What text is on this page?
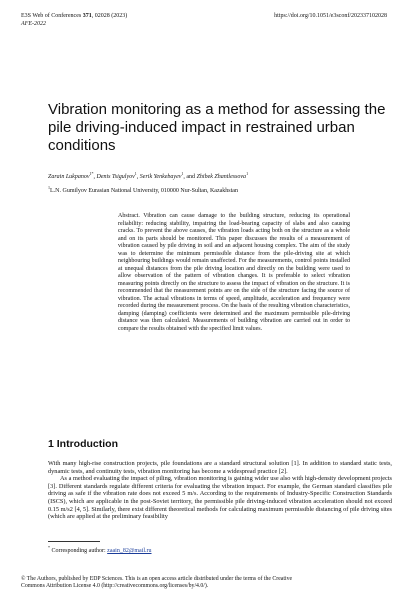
E3S Web of Conferences 371, 02028 (2023)
AFE-2022
https://doi.org/10.1051/e3sconf/202337102028
Vibration monitoring as a method for assessing the pile driving-induced impact in restrained urban conditions
Zarain Lukpanov$^{1*}$, Denis Tsigulyov$^1$, Serik Yenkebayev$^1$, and Zhibek Zhantlessova$^1$
$^1$L.N. Gumilyov Eurasian National University, 010000 Nur-Sultan, Kazakhstan
Abstract. Vibration can cause damage to the building structure, reducing its operational reliability: reducing stability, impairing the load-bearing capacity of slabs and also causing cracks. To prevent the above causes, the vibration loads acting both on the structure as a whole and on its parts should be monitored. This paper discusses the results of a measurement of vibration caused by pile driving in soil and an adjacent housing complex. The aim of the study was to determine the minimum permissible distance from the pile-driving site at which neighbouring buildings would remain unaffected. For the measurements, control points installed at unequal distances from the pile driving location and directly on the building were used to allow observation of the pattern of vibration changes. It is preferable to select vibration measuring points directly on the structure to assess the impact of vibration on the structure. It is recommended that the measurement points are on the side of the structure facing the source of vibration. The actual vibrations in terms of speed, amplitude, acceleration and frequency were recorded during the measurement process. On the basis of the resulting vibration characteristics, damping (damping) coefficients were determined and the maximum permissible pile-driving distance was then calculated. Measurements of building vibration are carried out in order to compare the results obtained with the specified limit values.
1 Introduction

With many high-rise construction projects, pile foundations are a standard structural solution [1]. In addition to standard static tests, dynamic tests, and continuity tests, vibration monitoring has become a widespread practice [2].

As a method evaluating the impact of piling, vibration monitoring is gaining wider use also with high-density development projects [3]. Different standards regulate different criteria for evaluating the vibration impact. For example, the German standard classifies pile driving as safe if the vibration rate does not exceed 5 m/s. According to the requirements of Industry-Specific Construction Standards (ISCS), which are applicable in the post-Soviet territory, the permissible pile driving-induced vibration acceleration should not exceed 0.15 m/s2 [4, 5]. Similarly, there exist different theoretical methods for calculating maximum permissible distancing of pile driving sites (which are applied at the preliminary feasibility

* Corresponding author: zaain_82@mail.ru
© The Authors, published by EDP Sciences. This is an open access article distributed under the terms of the Creative
Commons Attribution License 4.0 (http://creativecommons.org/licenses/by/4.0/).
